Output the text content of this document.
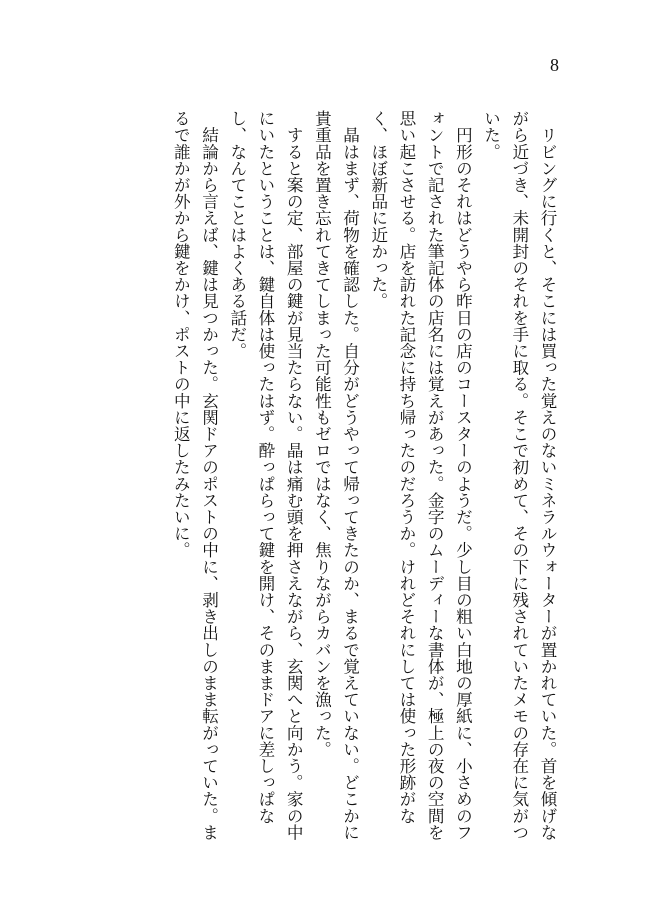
8

　リビングに行くと、そこには買った覚えのないミネラルウォーターが置かれていた。首を傾げながら近づき、未開封のそれを手に取る。そこで初めて、その下に残されていたメモの存在に気がついた。

　円形のそれはどうやら昨日の店のコースターのようだ。少し目の粗い白地の厚紙に、小さめのフォントで記された筆記体の店名には覚えがあった。金字のムーディーな書体が、極上の夜の空間を思い起こさせる。店を訪れた記念に持ち帰ったのだろうか。けれどそれにしては使った形跡がなく、ほぼ新品に近かった。

　晶はまず、荷物を確認した。自分がどうやって帰ってきたのか、まるで覚えていない。どこかに貴重品を置き忘れてきてしまった可能性もゼロではなく、焦りながらカバンを漁った。

　すると案の定、部屋の鍵が見当たらない。晶は痛む頭を押さえながら、玄関へと向かう。家の中にいたということは、鍵自体は使ったはず。酔っぱらって鍵を開け、そのままドアに差しっぱなし、なんてことはよくある話だ。

　結論から言えば、鍵は見つかった。玄関ドアのポストの中に、剥き出しのまま転がっていた。まるで誰かが外から鍵をかけ、ポストの中に返したみたいに。
